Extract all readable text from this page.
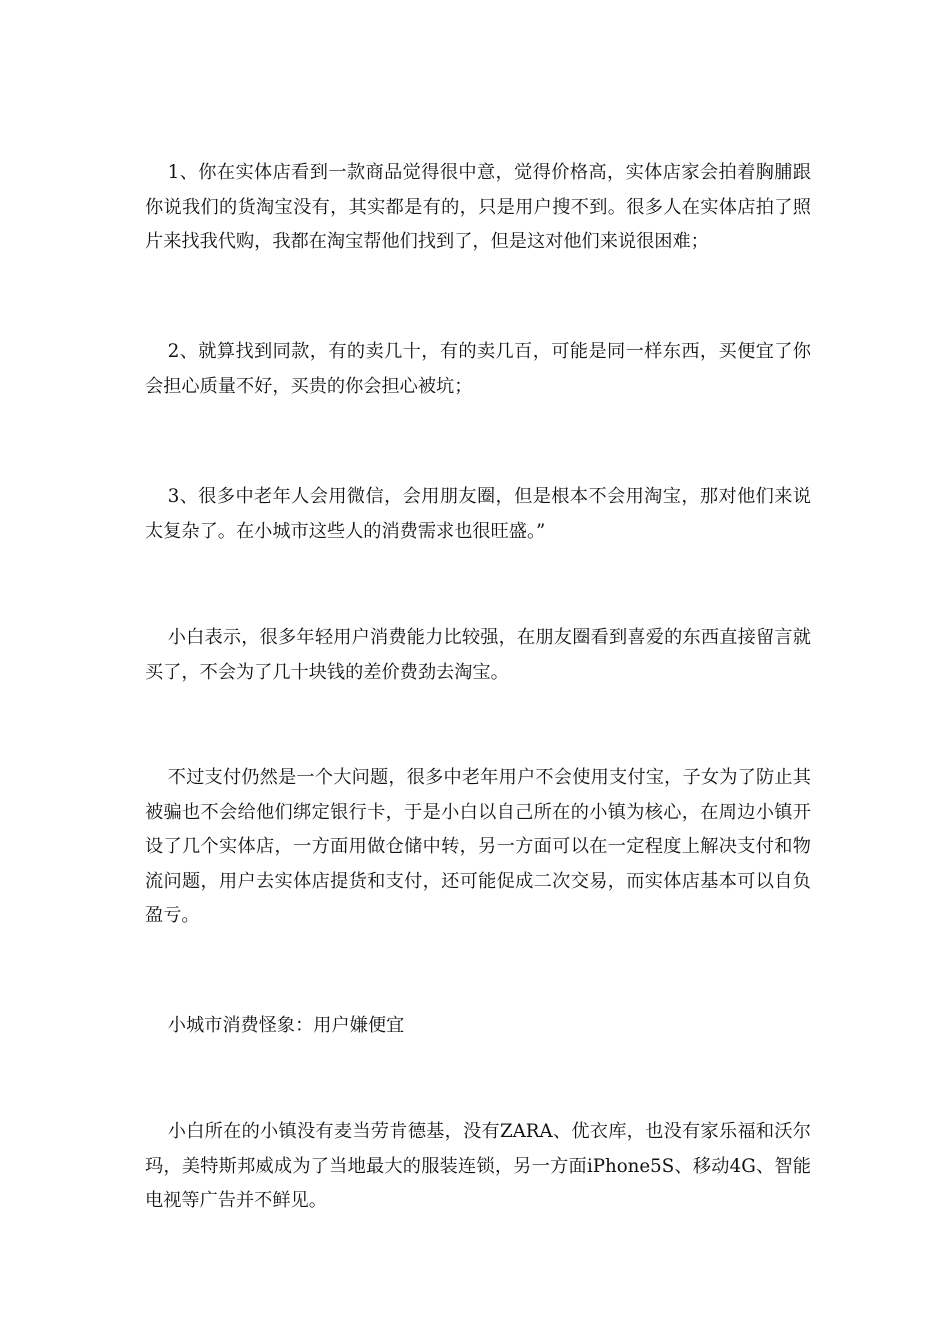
1、你在实体店看到一款商品觉得很中意，觉得价格高，实体店家会拍着胸脯跟你说我们的货淘宝没有，其实都是有的，只是用户搜不到。很多人在实体店拍了照片来找我代购，我都在淘宝帮他们找到了，但是这对他们来说很困难；

2、就算找到同款，有的卖几十，有的卖几百，可能是同一样东西，买便宜了你会担心质量不好，买贵的你会担心被坑；

3、很多中老年人会用微信，会用朋友圈，但是根本不会用淘宝，那对他们来说太复杂了。在小城市这些人的消费需求也很旺盛。”

小白表示，很多年轻用户消费能力比较强，在朋友圈看到喜爱的东西直接留言就买了，不会为了几十块钱的差价费劲去淘宝。

不过支付仍然是一个大问题，很多中老年用户不会使用支付宝，子女为了防止其被骗也不会给他们绑定银行卡，于是小白以自己所在的小镇为核心，在周边小镇开设了几个实体店，一方面用做仓储中转，另一方面可以在一定程度上解决支付和物流问题，用户去实体店提货和支付，还可能促成二次交易，而实体店基本可以自负盈亏。

小城市消费怪象：用户嫌便宜

小白所在的小镇没有麦当劳肯德基，没有ZARA、优衣库，也没有家乐福和沃尔玛，美特斯邦威成为了当地最大的服装连锁，另一方面iPhone5S、移动4G、智能电视等广告并不鲜见。
